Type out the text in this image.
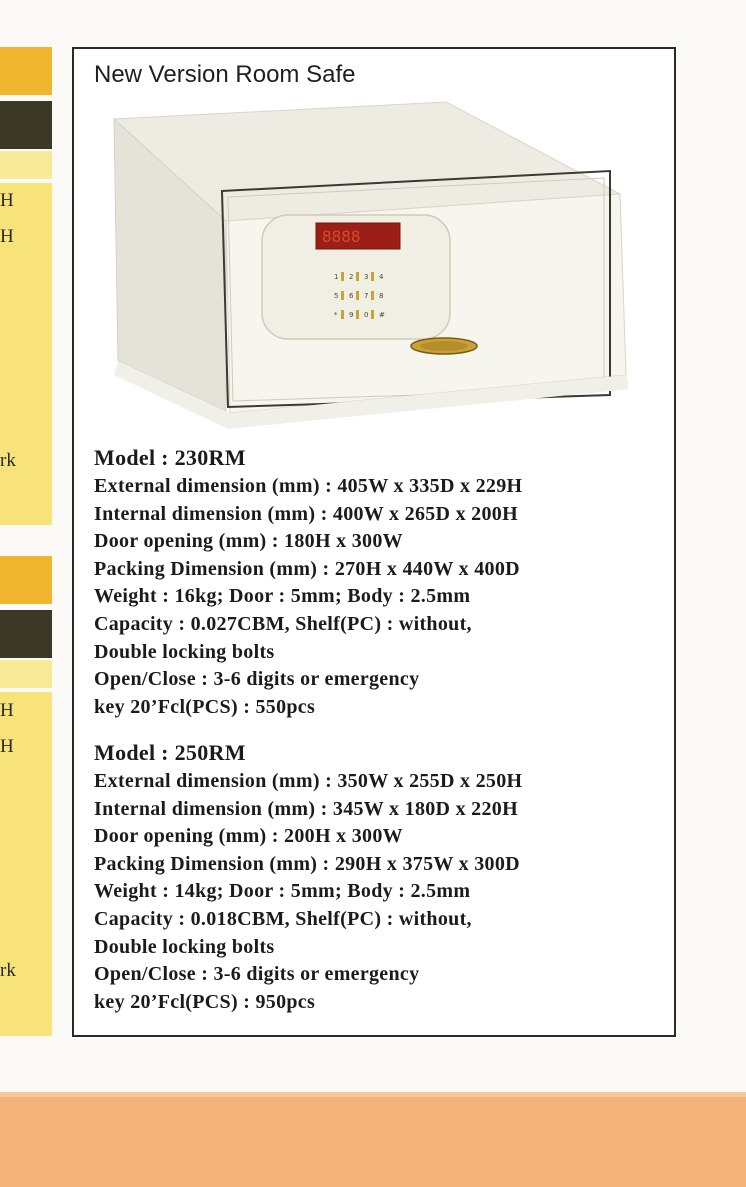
H
H
rk
H
H
rk
New Version Room Safe
8888
1 2 3 4
5 6 7 8
* 9 0 #
Model : 230RM
External dimension (mm) : 405W x 335D x 229H
Internal dimension (mm) : 400W x 265D x 200H
Door opening (mm) : 180H x 300W
Packing Dimension (mm) : 270H x 440W x 400D
Weight : 16kg; Door : 5mm; Body : 2.5mm
Capacity : 0.027CBM, Shelf(PC) : without,
Double locking bolts
Open/Close : 3-6 digits or emergency
key 20’Fcl(PCS) : 550pcs
Model : 250RM
External dimension (mm) : 350W x 255D x 250H
Internal dimension (mm) : 345W x 180D x 220H
Door opening (mm) : 200H x 300W
Packing Dimension (mm) : 290H x 375W x 300D
Weight : 14kg; Door : 5mm; Body : 2.5mm
Capacity : 0.018CBM, Shelf(PC) : without,
Double locking bolts
Open/Close : 3-6 digits or emergency
key 20’Fcl(PCS) : 950pcs
